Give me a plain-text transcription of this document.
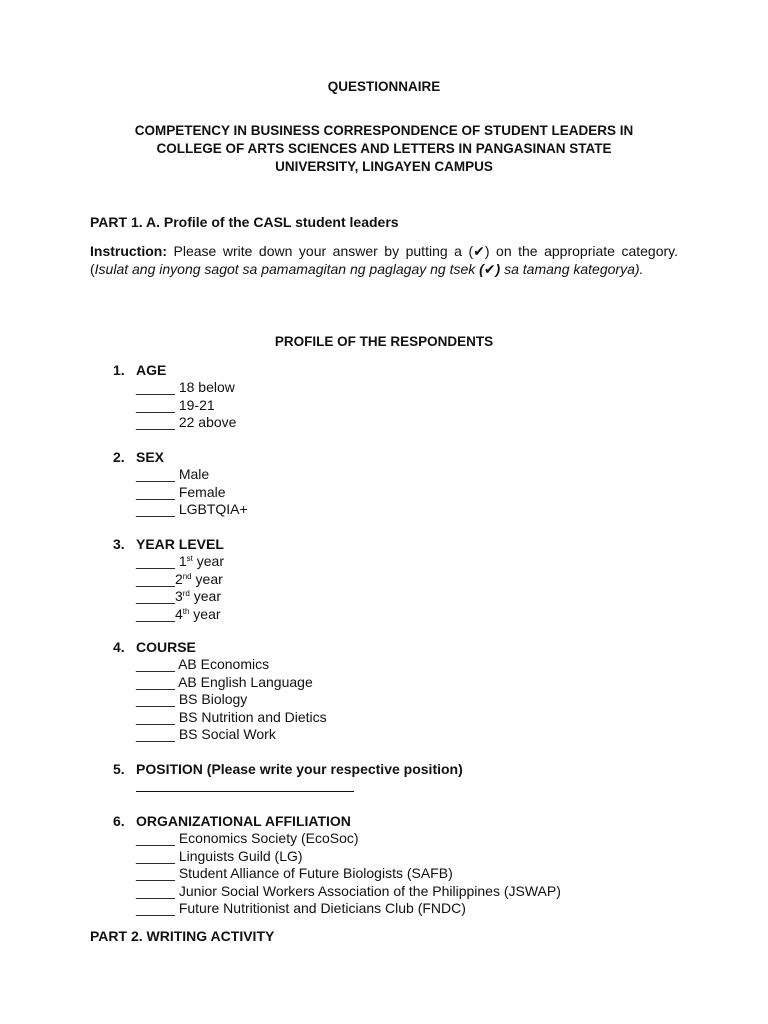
QUESTIONNAIRE
COMPETENCY IN BUSINESS CORRESPONDENCE OF STUDENT LEADERS IN
COLLEGE OF ARTS SCIENCES AND LETTERS IN PANGASINAN STATE
UNIVERSITY, LINGAYEN CAMPUS
PART 1. A. Profile of the CASL student leaders
Instruction: Please write down your answer by putting a (✔) on the appropriate category. (Isulat ang inyong sagot sa pamamagitan ng paglagay ng tsek (✔) sa tamang kategorya).
PROFILE OF THE RESPONDENTS
1. AGE
_____ 18 below
_____ 19-21
_____ 22 above
2. SEX
_____ Male
_____ Female
_____ LGBTQIA+
3. YEAR LEVEL
_____ 1st year
_____2nd year
_____3rd year
_____4th year
4. COURSE
_____ AB Economics
_____ AB English Language
_____ BS Biology
_____ BS Nutrition and Dietics
_____ BS Social Work
5. POSITION (Please write your respective position)
6. ORGANIZATIONAL AFFILIATION
_____ Economics Society (EcoSoc)
_____ Linguists Guild (LG)
_____ Student Alliance of Future Biologists (SAFB)
_____ Junior Social Workers Association of the Philippines (JSWAP)
_____ Future Nutritionist and Dieticians Club (FNDC)
PART 2. WRITING ACTIVITY
